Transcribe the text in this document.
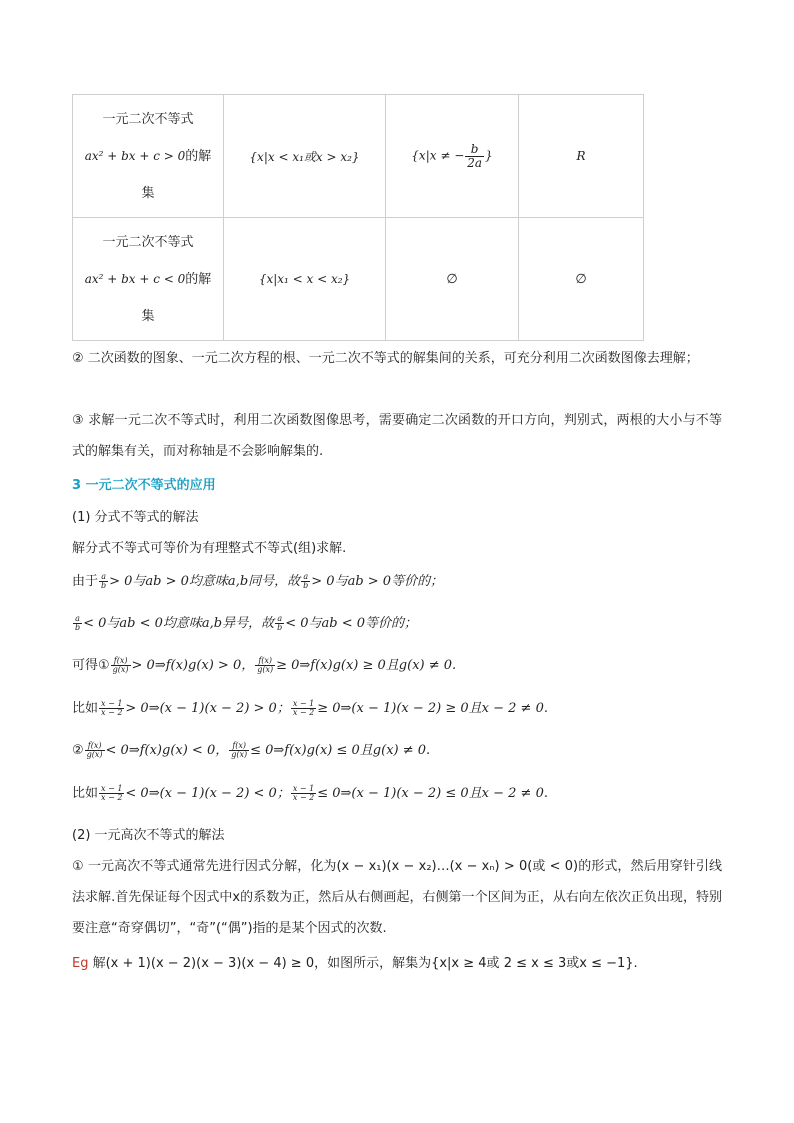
一元二次不等式
ax² + bx + c > 0的解
集	{x|x < x₁或x > x₂}	{x|x ≠ − $\frac{b}{2a}$ }	R

一元二次不等式
ax² + bx + c < 0的解
集	{x|x₁ < x < x₂}	∅	∅
② 二次函数的图象、一元二次方程的根、一元二次不等式的解集间的关系，可充分利用二次函数图像去理解；
③ 求解一元二次不等式时，利用二次函数图像思考，需要确定二次函数的开口方向，判别式，两根的大小与不等式的解集有关，而对称轴是不会影响解集的.
3 一元二次不等式的应用
(1) 分式不等式的解法
解分式不等式可等价为有理整式不等式(组)求解.
由于 $\frac{a}{b} > 0$与ab > 0均意味a,b同号，故 $\frac{a}{b} > 0$与ab > 0等价的；
$\frac{a}{b} < 0$与ab < 0均意味a,b异号，故 $\frac{a}{b} < 0$与ab < 0等价的；
可得① $\frac{f(x)}{g(x)}$ > 0⇒f(x)g(x) > 0， $\frac{f(x)}{g(x)}$ ≥ 0⇒f(x)g(x) ≥ 0且g(x) ≠ 0.
比如 $\frac{x - 1}{x - 2}$ > 0⇒(x − 1)(x − 2) > 0； $\frac{x - 1}{x - 2}$ ≥ 0⇒(x − 1)(x − 2) ≥ 0且x − 2 ≠ 0.
② $\frac{f(x)}{g(x)}$ < 0⇒f(x)g(x) < 0， $\frac{f(x)}{g(x)}$ ≤ 0⇒f(x)g(x) ≤ 0且g(x) ≠ 0.
比如 $\frac{x - 1}{x - 2}$ < 0⇒(x − 1)(x − 2) < 0； $\frac{x - 1}{x - 2}$ ≤ 0⇒(x − 1)(x − 2) ≤ 0且x − 2 ≠ 0.
(2) 一元高次不等式的解法
① 一元高次不等式通常先进行因式分解，化为(x − x₁)(x − x₂)…(x − xₙ) > 0(或 < 0)的形式，然后用穿针引线法求解.首先保证每个因式中x的系数为正，然后从右侧画起，右侧第一个区间为正，从右向左依次正负出现，特别要注意“奇穿偶切”，“奇”(“偶”)指的是某个因式的次数.
Eg 解(x + 1)(x − 2)(x − 3)(x − 4) ≥ 0，如图所示，解集为{x|x ≥ 4或 2 ≤ x ≤ 3或x ≤ −1}.
